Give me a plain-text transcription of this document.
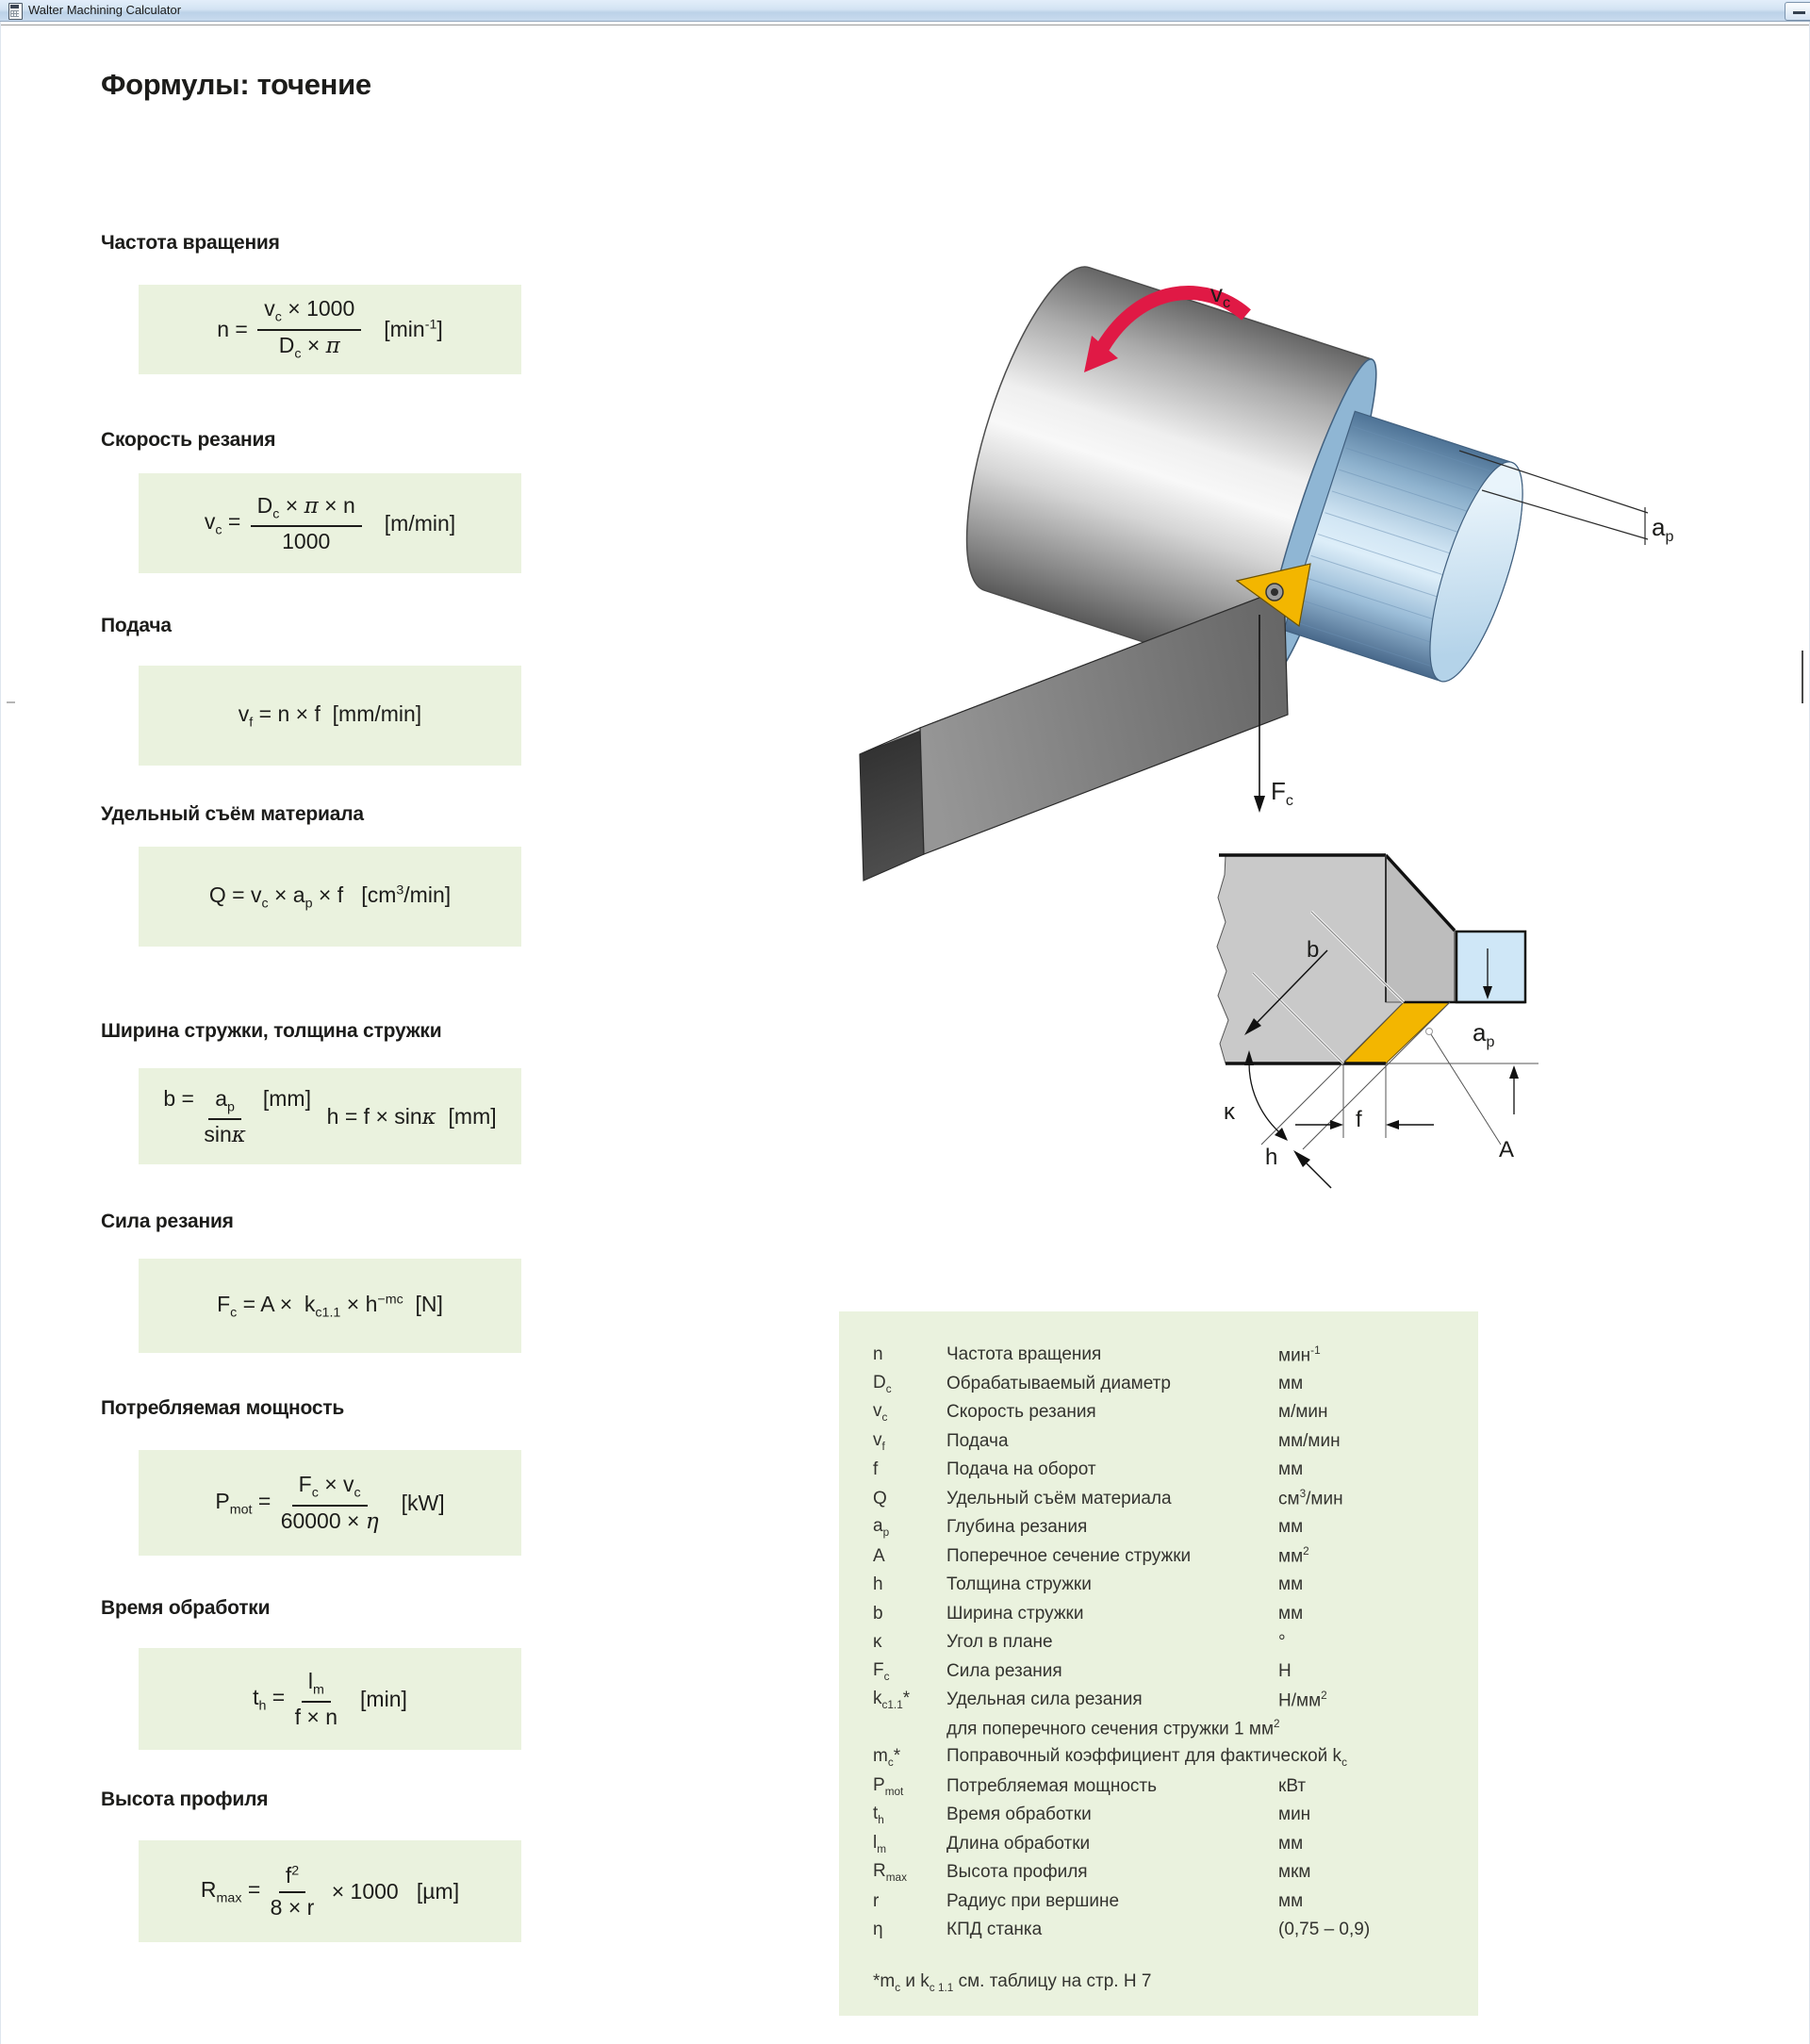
Walter Machining Calculator
Формулы: точение
Частота вращения
Скорость резания
Подача
Удельный съём материала
Ширина стружки, толщина стружки
Сила резания
Потребляемая мощность
Время обработки
Высота профиля
$n = \frac{v_c \times 1000}{D_c \times \pi} [\min^{-1}]$
$v_c = \frac{D_c \times \pi \times n}{1000} [m/\min]$
$v_f = n \times f$  [mm/min]
$Q = v_c \times a_p \times f$   $[cm^3/\min]$
$b = \frac{a_p}{\sin\kappa} [mm]$
h = f × sinκ  [mm]
$F_c = A \times k_{c1.1} \times h^{-mc}$  [N]
$P_{mot} = \frac{F_c \times v_c}{60000 \times \eta} [kW]$
$t_h = \frac{l_m}{f \times n} [\min]$
$R_{max} = \frac{f^2}{8 \times r} \times 1000$   [µm]
$v_c$
$a_p$
$F_c$
b
κ	f
h	A
$a_p$
n	Частота вращения	мин$^{-1}$
$D_c$	Обрабатываемый диаметр	мм
$v_c$	Скорость резания	м/мин
$v_f$	Подача	мм/мин
f	Подача на оборот	мм
Q	Удельный съём материала	$см^3$/мин
$a_p$	Глубина резания	мм
A	Поперечное сечение стружки	$мм^2$
h	Толщина стружки	мм
b	Ширина стружки	мм
κ	Угол в плане	°
$F_c$	Сила резания	Н
$k_{c1.1}*$	Удельная сила резания	$Н/мм^2$
для поперечного сечения стружки 1 $мм^2$
$m_c*$	Поправочный коэффициент для фактической $k_c$
$P_{mot}$	Потребляемая мощность	кВт
$t_h$	Время обработки	мин
$l_m$	Длина обработки	мм
$R_{max}$	Высота профиля	мкм
r	Радиус при вершине	мм
η	КПД станка	(0,75 – 0,9)
$*m_c$ и $k_{c 1.1}$ см. таблицу на стр. H 7
